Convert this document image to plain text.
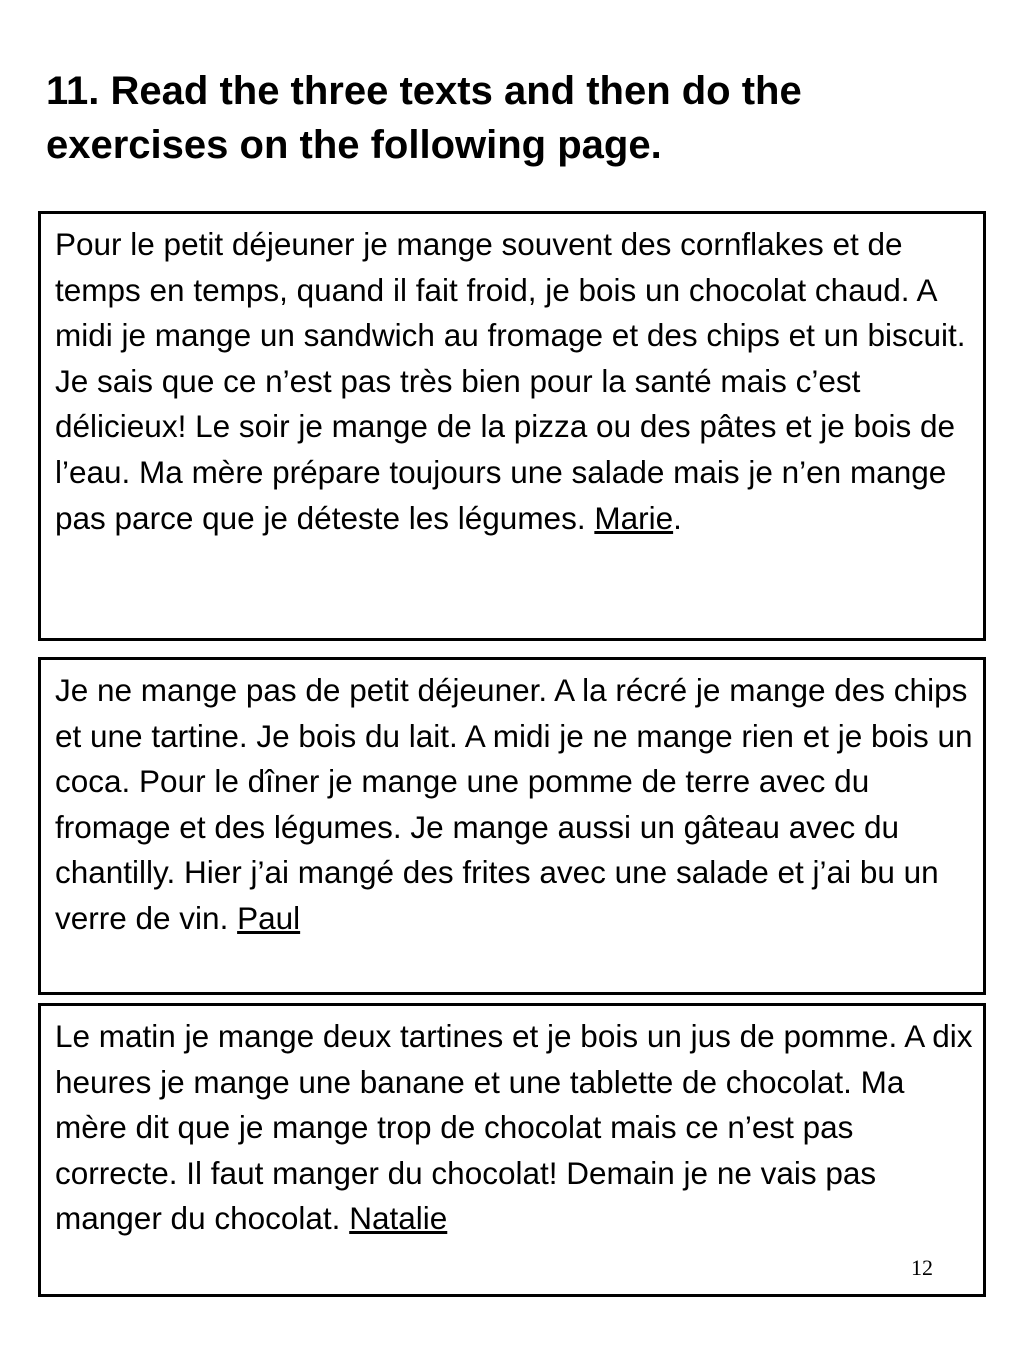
11. Read the three texts and then do the
exercises on the following page.

Pour le petit déjeuner je mange souvent des cornflakes et de temps en temps, quand il fait froid, je bois un chocolat chaud. A midi je mange un sandwich au fromage et des chips et un biscuit. Je sais que ce n’est pas très bien pour la santé mais c’est délicieux! Le soir je mange de la pizza ou des pâtes et je bois de l’eau. Ma mère prépare toujours une salade mais je n’en mange pas parce que je déteste les légumes. Marie.

Je ne mange pas de petit déjeuner. A la récré je mange des chips et une tartine. Je bois du lait. A midi je ne mange rien et je bois un coca. Pour le dîner je mange une pomme de terre avec du fromage et des légumes. Je mange aussi un gâteau avec du chantilly. Hier j’ai mangé des frites avec une salade et j’ai bu un verre de vin. Paul

Le matin je mange deux tartines et je bois un jus de pomme. A dix heures je mange une banane et une tablette de chocolat. Ma mère dit que je mange trop de chocolat mais ce n’est pas correcte. Il faut manger du chocolat! Demain je ne vais pas manger du chocolat. Natalie

12
